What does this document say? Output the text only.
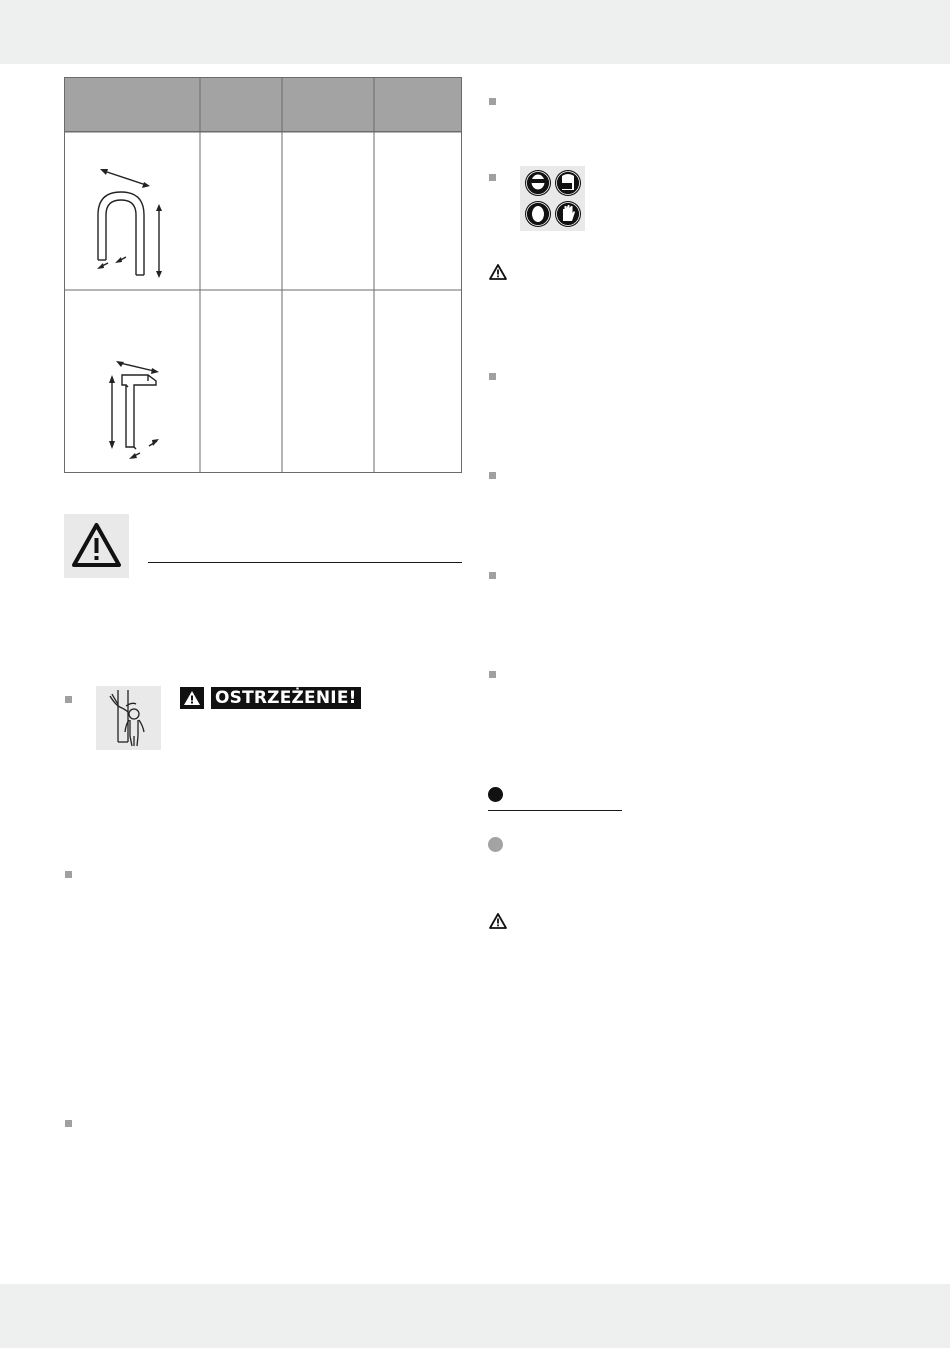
OSTRZEŻENIE!
